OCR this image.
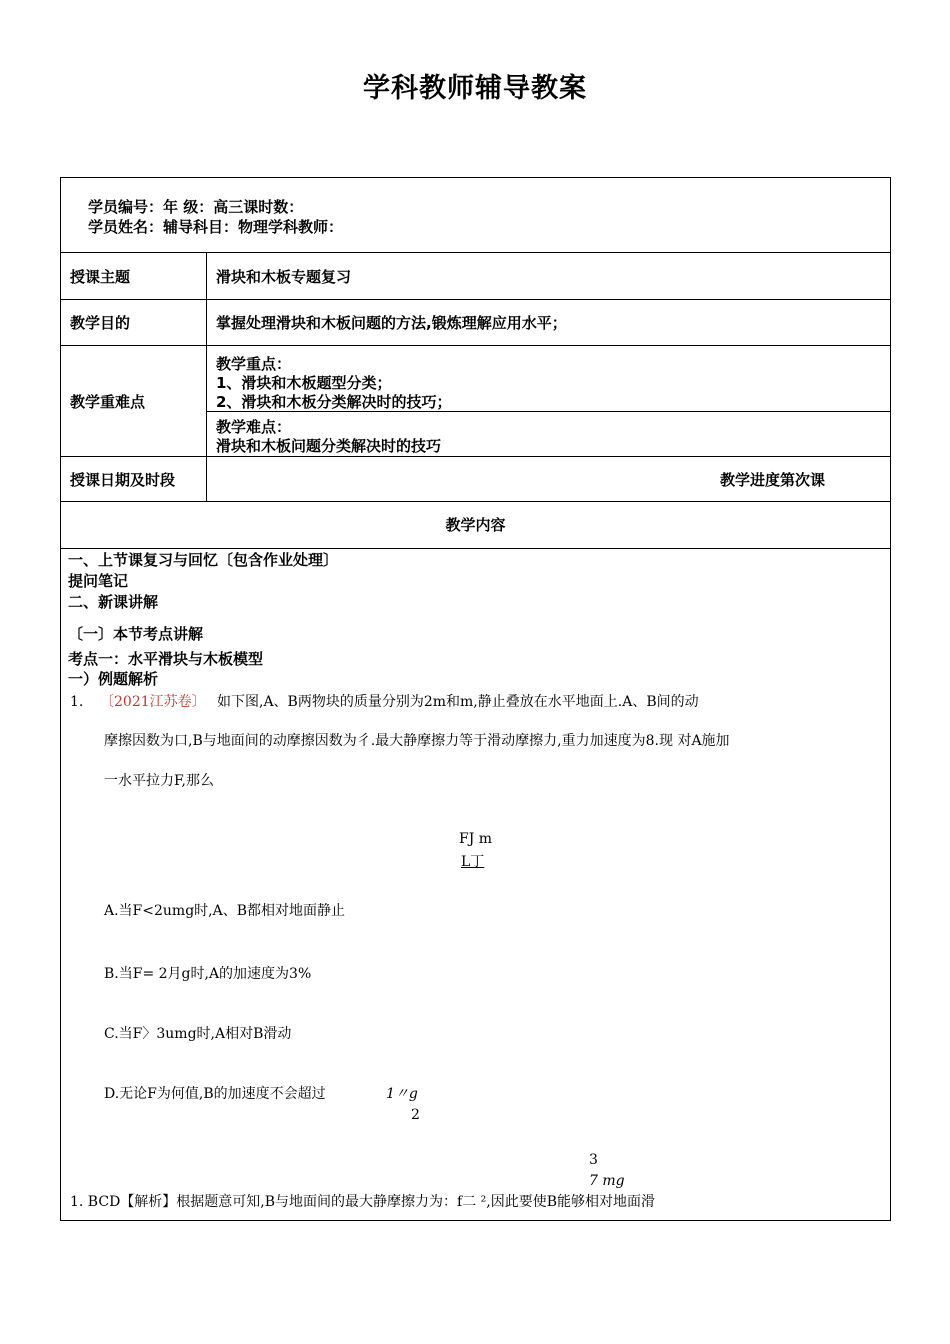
学科教师辅导教案
学员编号：年 级：高三课时数：
学员姓名：辅导科目：物理学科教师：
授课主题	滑块和木板专题复习
教学目的	掌握处理滑块和木板问题的方法,锻炼理解应用水平；
教学重难点
教学重点：
1、滑块和木板题型分类；
2、滑块和木板分类解决时的技巧；
教学难点：
滑块和木板问题分类解决时的技巧
授课日期及时段	教学进度第次课
教学内容
一、上节课复习与回忆〔包含作业处理〕
提问笔记
二、新课讲解
〔一〕本节考点讲解
考点一：水平滑块与木板模型
一）例题解析
1. 〔2021江苏卷〕 如下图,A、B两物块的质量分别为2m和m,静止叠放在水平地面上.A、B间的动
摩擦因数为口,B与地面间的动摩擦因数为彳.最大静摩擦力等于滑动摩擦力,重力加速度为8.现 对A施加
一水平拉力F,那么
FJ m
L丁
A.当F<2umg时,A、B都相对地面静止
B.当F= 2月g时,A的加速度为3%
C.当F〉3umg时,A相对B滑动
D.无论F为何值,B的加速度不会超过	1〃g
2
3
7 mg
1. BCD【解析】根据题意可知,B与地面间的最大静摩擦力为：f二 ²,因此要使B能够相对地面滑
